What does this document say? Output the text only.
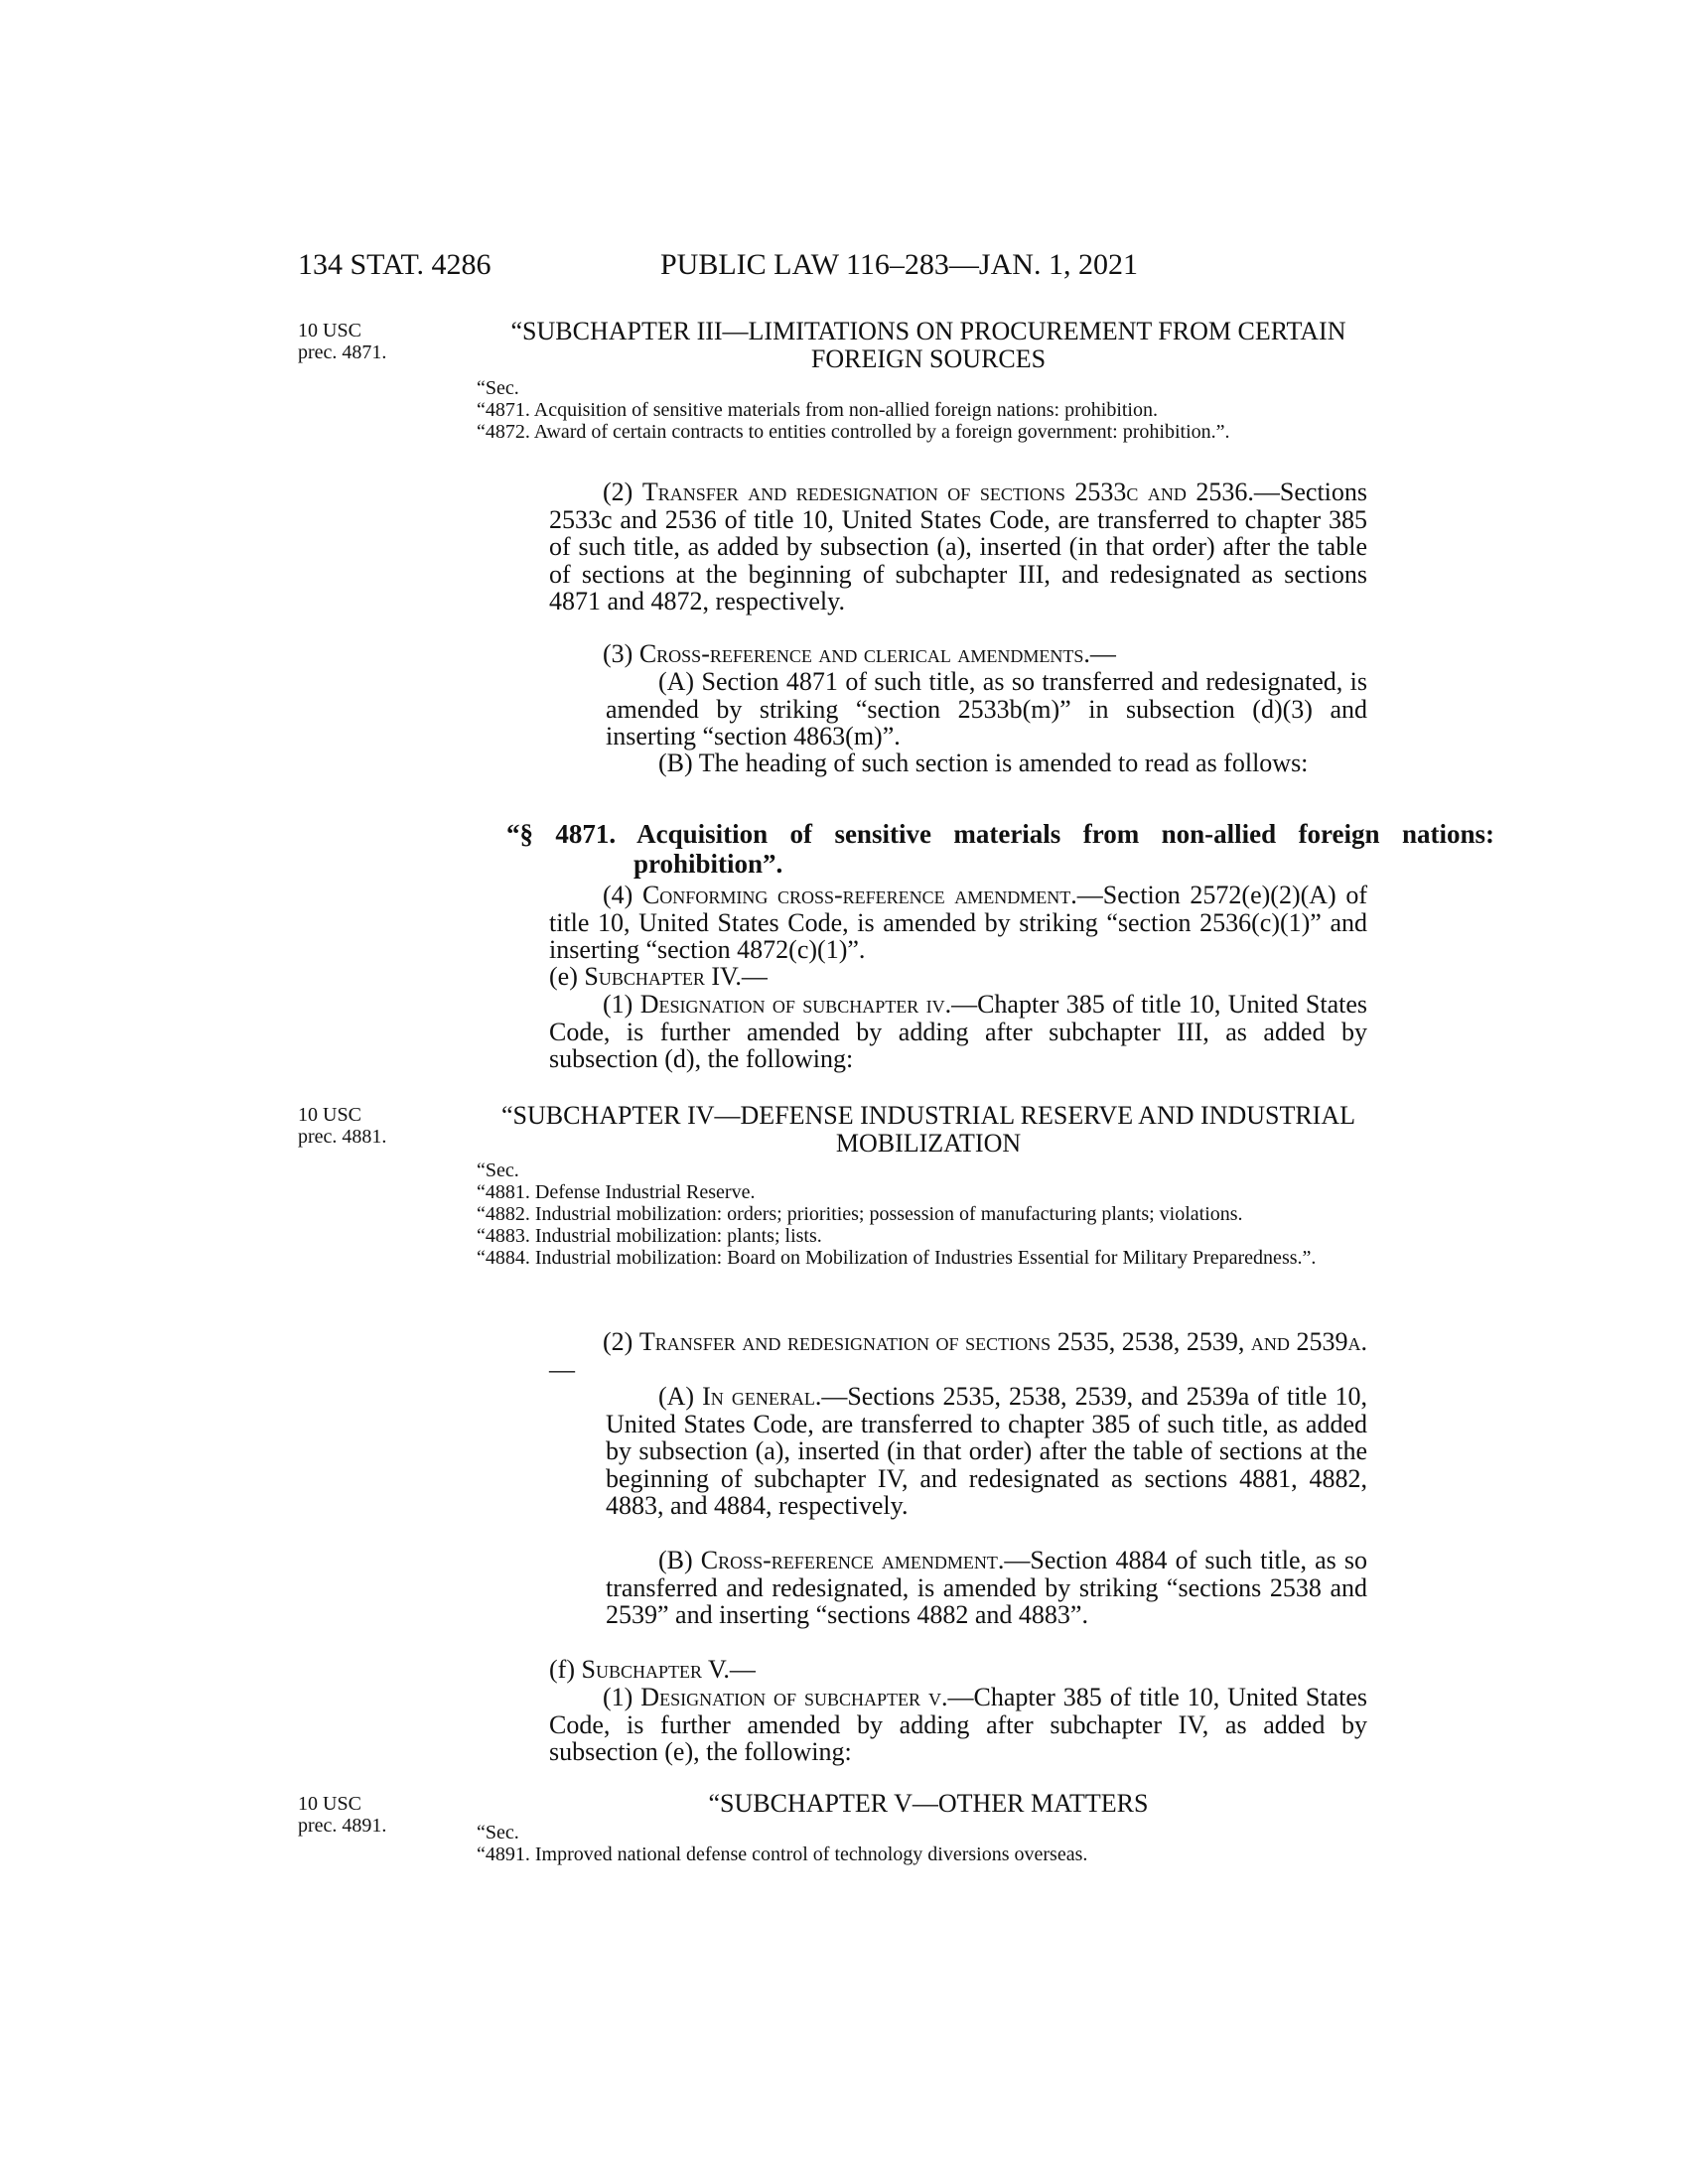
134 STAT. 4286	PUBLIC LAW 116–283—JAN. 1, 2021
10 USC
prec. 4871.
“SUBCHAPTER III—LIMITATIONS ON PROCUREMENT FROM CERTAIN FOREIGN SOURCES
“Sec.
“4871. Acquisition of sensitive materials from non-allied foreign nations: prohibition.
“4872. Award of certain contracts to entities controlled by a foreign government: prohibition.”.
(2) Transfer and redesignation of sections 2533c and 2536.—Sections 2533c and 2536 of title 10, United States Code, are transferred to chapter 385 of such title, as added by subsection (a), inserted (in that order) after the table of sections at the beginning of subchapter III, and redesignated as sections 4871 and 4872, respectively.
(3) Cross-reference and clerical amendments.—
(A) Section 4871 of such title, as so transferred and redesignated, is amended by striking “section 2533b(m)” in subsection (d)(3) and inserting “section 4863(m)”.
(B) The heading of such section is amended to read as follows:
“§ 4871. Acquisition of sensitive materials from non-allied foreign nations: prohibition”.
(4) Conforming cross-reference amendment.—Section 2572(e)(2)(A) of title 10, United States Code, is amended by striking “section 2536(c)(1)” and inserting “section 4872(c)(1)”.
(e) Subchapter IV.—
(1) Designation of subchapter iv.—Chapter 385 of title 10, United States Code, is further amended by adding after subchapter III, as added by subsection (d), the following:
10 USC
prec. 4881.
“SUBCHAPTER IV—DEFENSE INDUSTRIAL RESERVE AND INDUSTRIAL MOBILIZATION
“Sec.
“4881. Defense Industrial Reserve.
“4882. Industrial mobilization: orders; priorities; possession of manufacturing plants; violations.
“4883. Industrial mobilization: plants; lists.
“4884. Industrial mobilization: Board on Mobilization of Industries Essential for Military Preparedness.”.
(2) Transfer and redesignation of sections 2535, 2538, 2539, and 2539a.—
(A) In general.—Sections 2535, 2538, 2539, and 2539a of title 10, United States Code, are transferred to chapter 385 of such title, as added by subsection (a), inserted (in that order) after the table of sections at the beginning of subchapter IV, and redesignated as sections 4881, 4882, 4883, and 4884, respectively.
(B) Cross-reference amendment.—Section 4884 of such title, as so transferred and redesignated, is amended by striking “sections 2538 and 2539” and inserting “sections 4882 and 4883”.
(f) Subchapter V.—
(1) Designation of subchapter v.—Chapter 385 of title 10, United States Code, is further amended by adding after subchapter IV, as added by subsection (e), the following:
10 USC
prec. 4891.
“SUBCHAPTER V—OTHER MATTERS
“Sec.
“4891. Improved national defense control of technology diversions overseas.
